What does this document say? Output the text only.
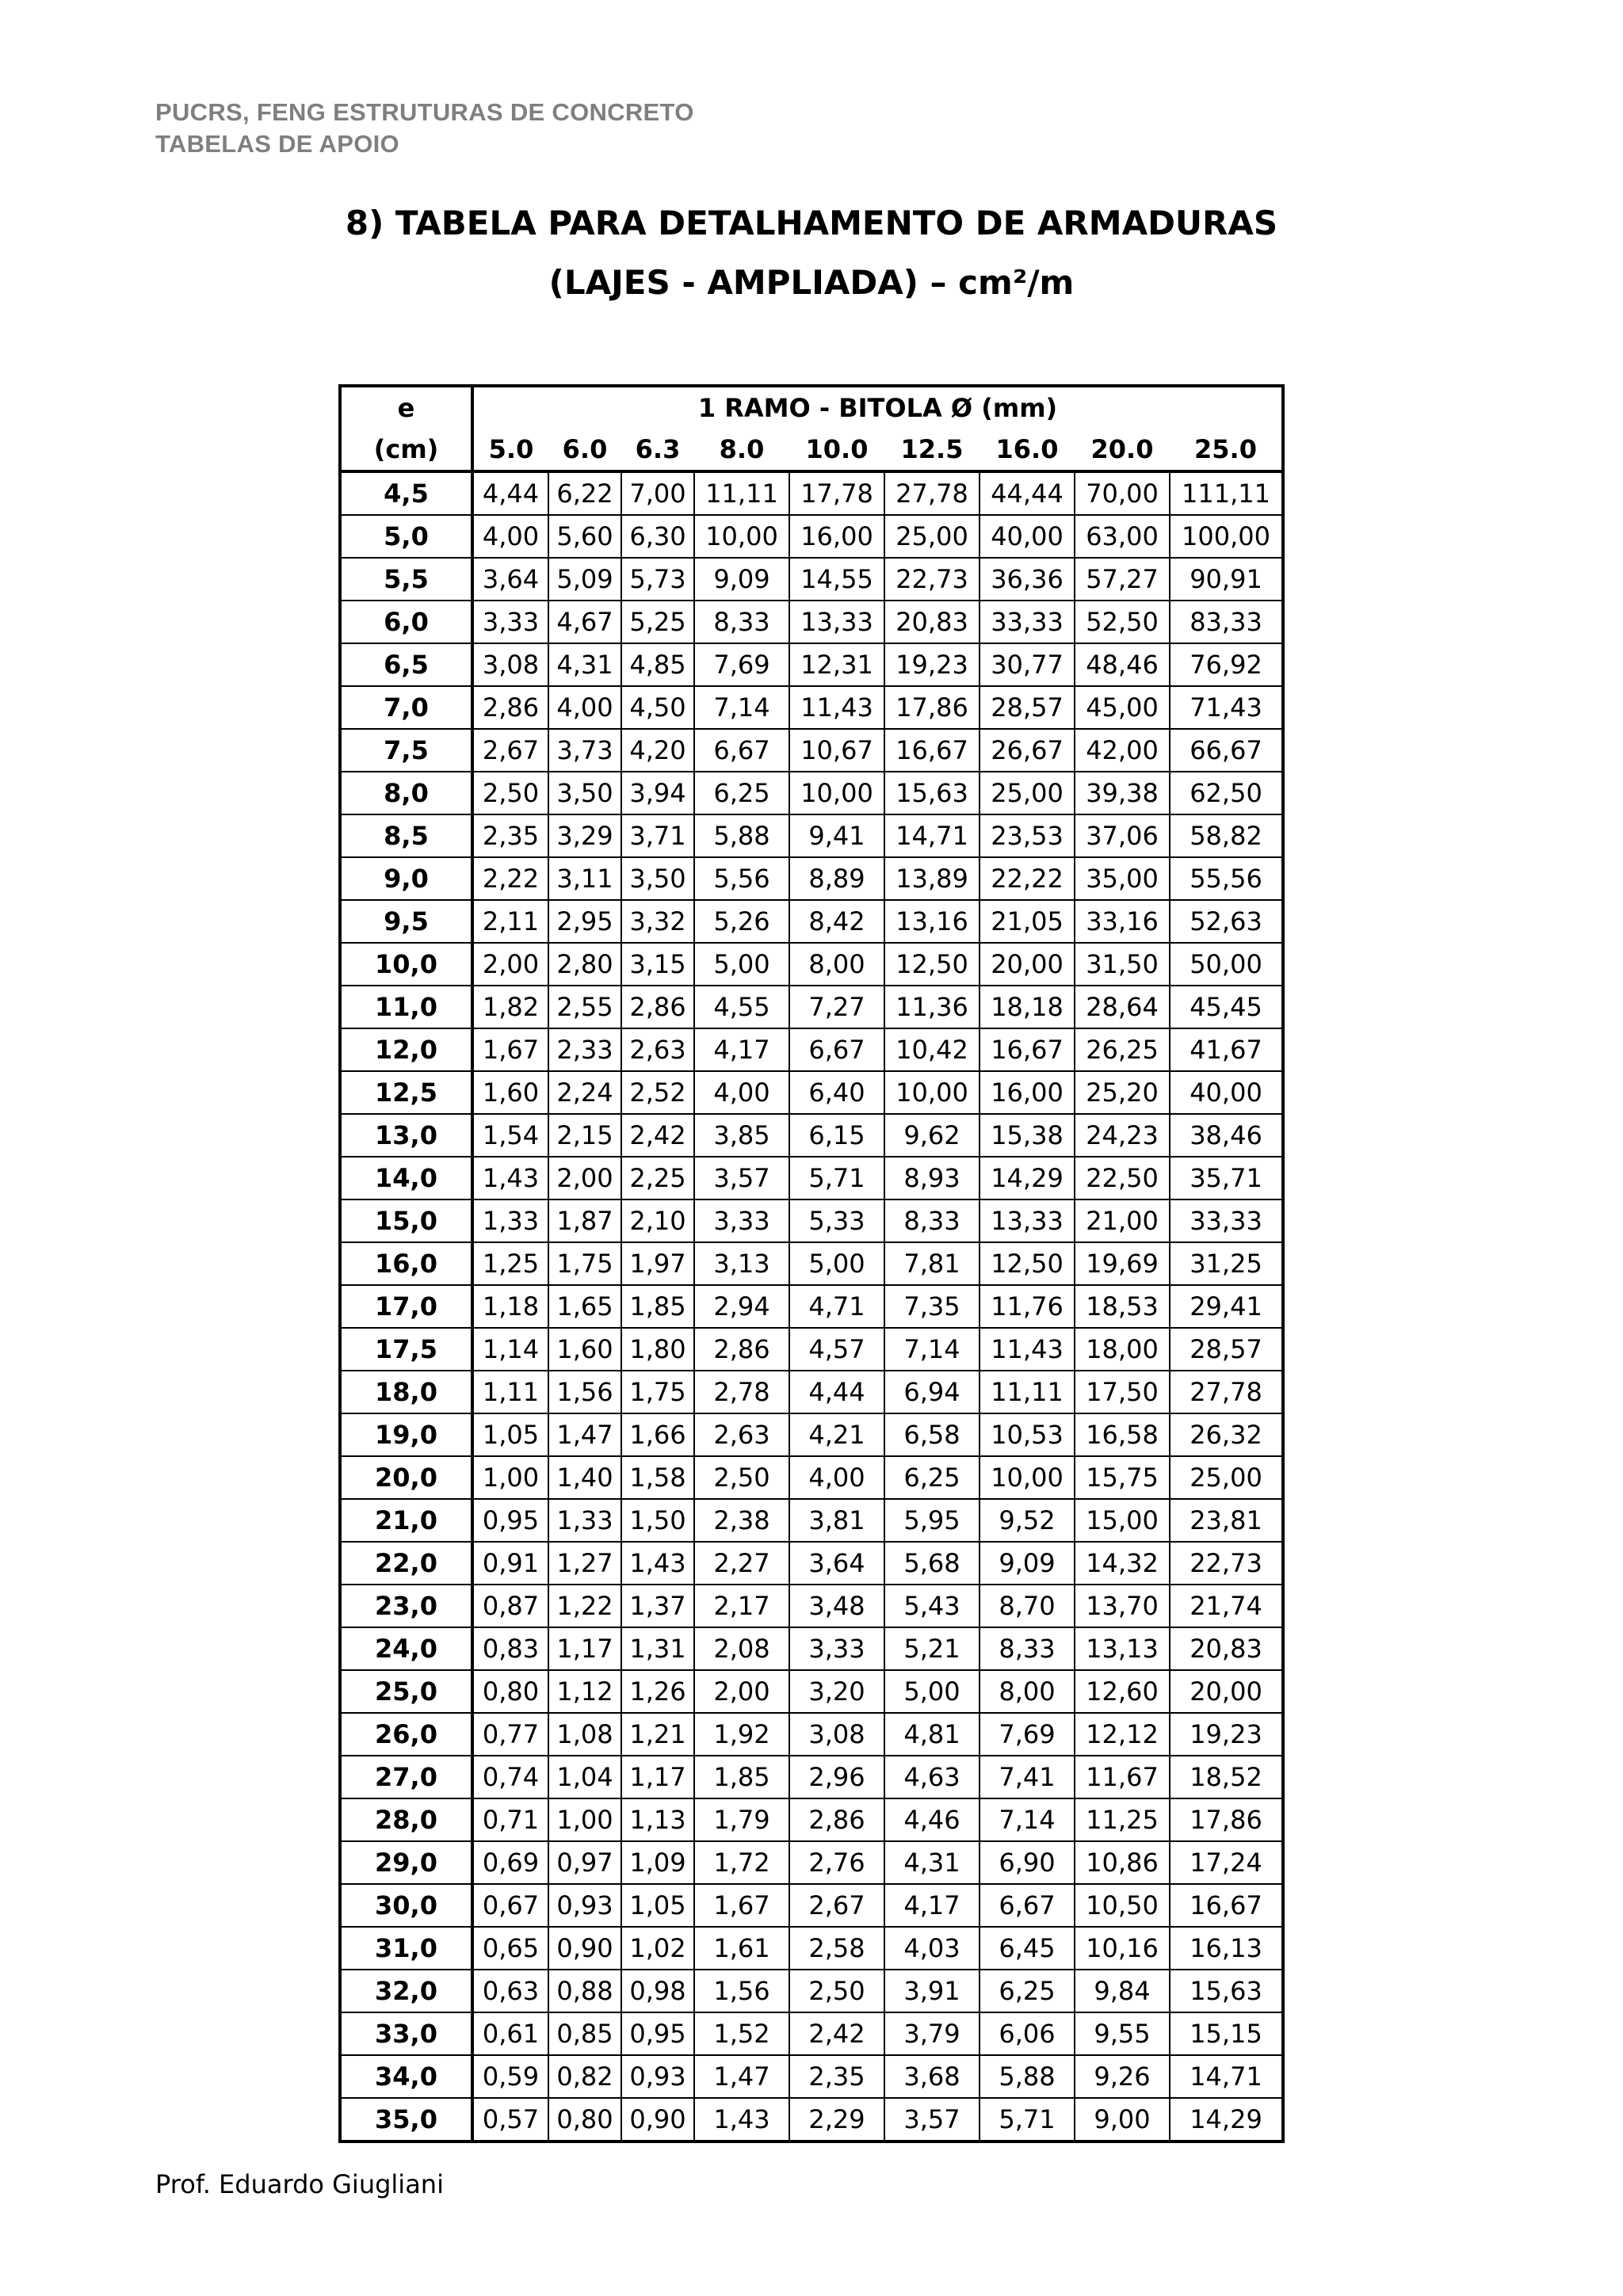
PUCRS, FENG ESTRUTURAS DE CONCRETO
TABELAS DE APOIO
8) TABELA PARA DETALHAMENTO DE ARMADURAS
(LAJES - AMPLIADA) – cm²/m
e	1 RAMO - BITOLA Ø (mm)								
(cm)	5.0	6.0	6.3	8.0	10.0	12.5	16.0	20.0	25.0
4,5	4,44	6,22	7,00	11,11	17,78	27,78	44,44	70,00	111,11
5,0	4,00	5,60	6,30	10,00	16,00	25,00	40,00	63,00	100,00
5,5	3,64	5,09	5,73	9,09	14,55	22,73	36,36	57,27	90,91
6,0	3,33	4,67	5,25	8,33	13,33	20,83	33,33	52,50	83,33
6,5	3,08	4,31	4,85	7,69	12,31	19,23	30,77	48,46	76,92
7,0	2,86	4,00	4,50	7,14	11,43	17,86	28,57	45,00	71,43
7,5	2,67	3,73	4,20	6,67	10,67	16,67	26,67	42,00	66,67
8,0	2,50	3,50	3,94	6,25	10,00	15,63	25,00	39,38	62,50
8,5	2,35	3,29	3,71	5,88	9,41	14,71	23,53	37,06	58,82
9,0	2,22	3,11	3,50	5,56	8,89	13,89	22,22	35,00	55,56
9,5	2,11	2,95	3,32	5,26	8,42	13,16	21,05	33,16	52,63
10,0	2,00	2,80	3,15	5,00	8,00	12,50	20,00	31,50	50,00
11,0	1,82	2,55	2,86	4,55	7,27	11,36	18,18	28,64	45,45
12,0	1,67	2,33	2,63	4,17	6,67	10,42	16,67	26,25	41,67
12,5	1,60	2,24	2,52	4,00	6,40	10,00	16,00	25,20	40,00
13,0	1,54	2,15	2,42	3,85	6,15	9,62	15,38	24,23	38,46
14,0	1,43	2,00	2,25	3,57	5,71	8,93	14,29	22,50	35,71
15,0	1,33	1,87	2,10	3,33	5,33	8,33	13,33	21,00	33,33
16,0	1,25	1,75	1,97	3,13	5,00	7,81	12,50	19,69	31,25
17,0	1,18	1,65	1,85	2,94	4,71	7,35	11,76	18,53	29,41
17,5	1,14	1,60	1,80	2,86	4,57	7,14	11,43	18,00	28,57
18,0	1,11	1,56	1,75	2,78	4,44	6,94	11,11	17,50	27,78
19,0	1,05	1,47	1,66	2,63	4,21	6,58	10,53	16,58	26,32
20,0	1,00	1,40	1,58	2,50	4,00	6,25	10,00	15,75	25,00
21,0	0,95	1,33	1,50	2,38	3,81	5,95	9,52	15,00	23,81
22,0	0,91	1,27	1,43	2,27	3,64	5,68	9,09	14,32	22,73
23,0	0,87	1,22	1,37	2,17	3,48	5,43	8,70	13,70	21,74
24,0	0,83	1,17	1,31	2,08	3,33	5,21	8,33	13,13	20,83
25,0	0,80	1,12	1,26	2,00	3,20	5,00	8,00	12,60	20,00
26,0	0,77	1,08	1,21	1,92	3,08	4,81	7,69	12,12	19,23
27,0	0,74	1,04	1,17	1,85	2,96	4,63	7,41	11,67	18,52
28,0	0,71	1,00	1,13	1,79	2,86	4,46	7,14	11,25	17,86
29,0	0,69	0,97	1,09	1,72	2,76	4,31	6,90	10,86	17,24
30,0	0,67	0,93	1,05	1,67	2,67	4,17	6,67	10,50	16,67
31,0	0,65	0,90	1,02	1,61	2,58	4,03	6,45	10,16	16,13
32,0	0,63	0,88	0,98	1,56	2,50	3,91	6,25	9,84	15,63
33,0	0,61	0,85	0,95	1,52	2,42	3,79	6,06	9,55	15,15
34,0	0,59	0,82	0,93	1,47	2,35	3,68	5,88	9,26	14,71
35,0	0,57	0,80	0,90	1,43	2,29	3,57	5,71	9,00	14,29
Prof. Eduardo Giugliani
